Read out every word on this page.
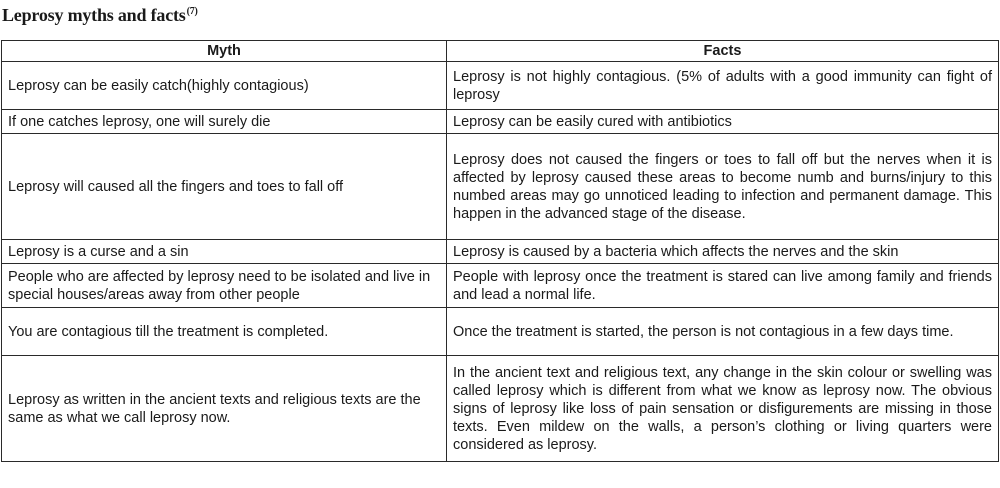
Leprosy myths and facts$^{(7)}$
Myth	Facts
Leprosy can be easily catch(highly contagious)	Leprosy is not highly contagious. (5% of adults with a good immunity can fight of leprosy
If one catches leprosy, one will surely die	Leprosy can be easily cured with antibiotics
Leprosy will caused all the fingers and toes to fall off	Leprosy does not caused the fingers or toes to fall off but the nerves when it is affected by leprosy caused these areas to become numb and burns/injury to this numbed areas may go unnoticed leading to infection and permanent damage. This happen in the advanced stage of the disease.
Leprosy is a curse and a sin	Leprosy is caused by a bacteria which affects the nerves and the skin
People who are affected by leprosy need to be isolated and live in special houses/areas away from other people	People with leprosy once the treatment is stared can live among family and friends and lead a normal life.
You are contagious till the treatment is completed.	Once the treatment is started, the person is not contagious in a few days time.
Leprosy as written in the ancient texts and religious texts are the same as what we call leprosy now.	In the ancient text and religious text, any change in the skin colour or swelling was called leprosy which is different from what we know as leprosy now. The obvious signs of leprosy like loss of pain sensation or disfigurements are missing in those texts. Even mildew on the walls, a person’s clothing or living quarters were considered as leprosy.
